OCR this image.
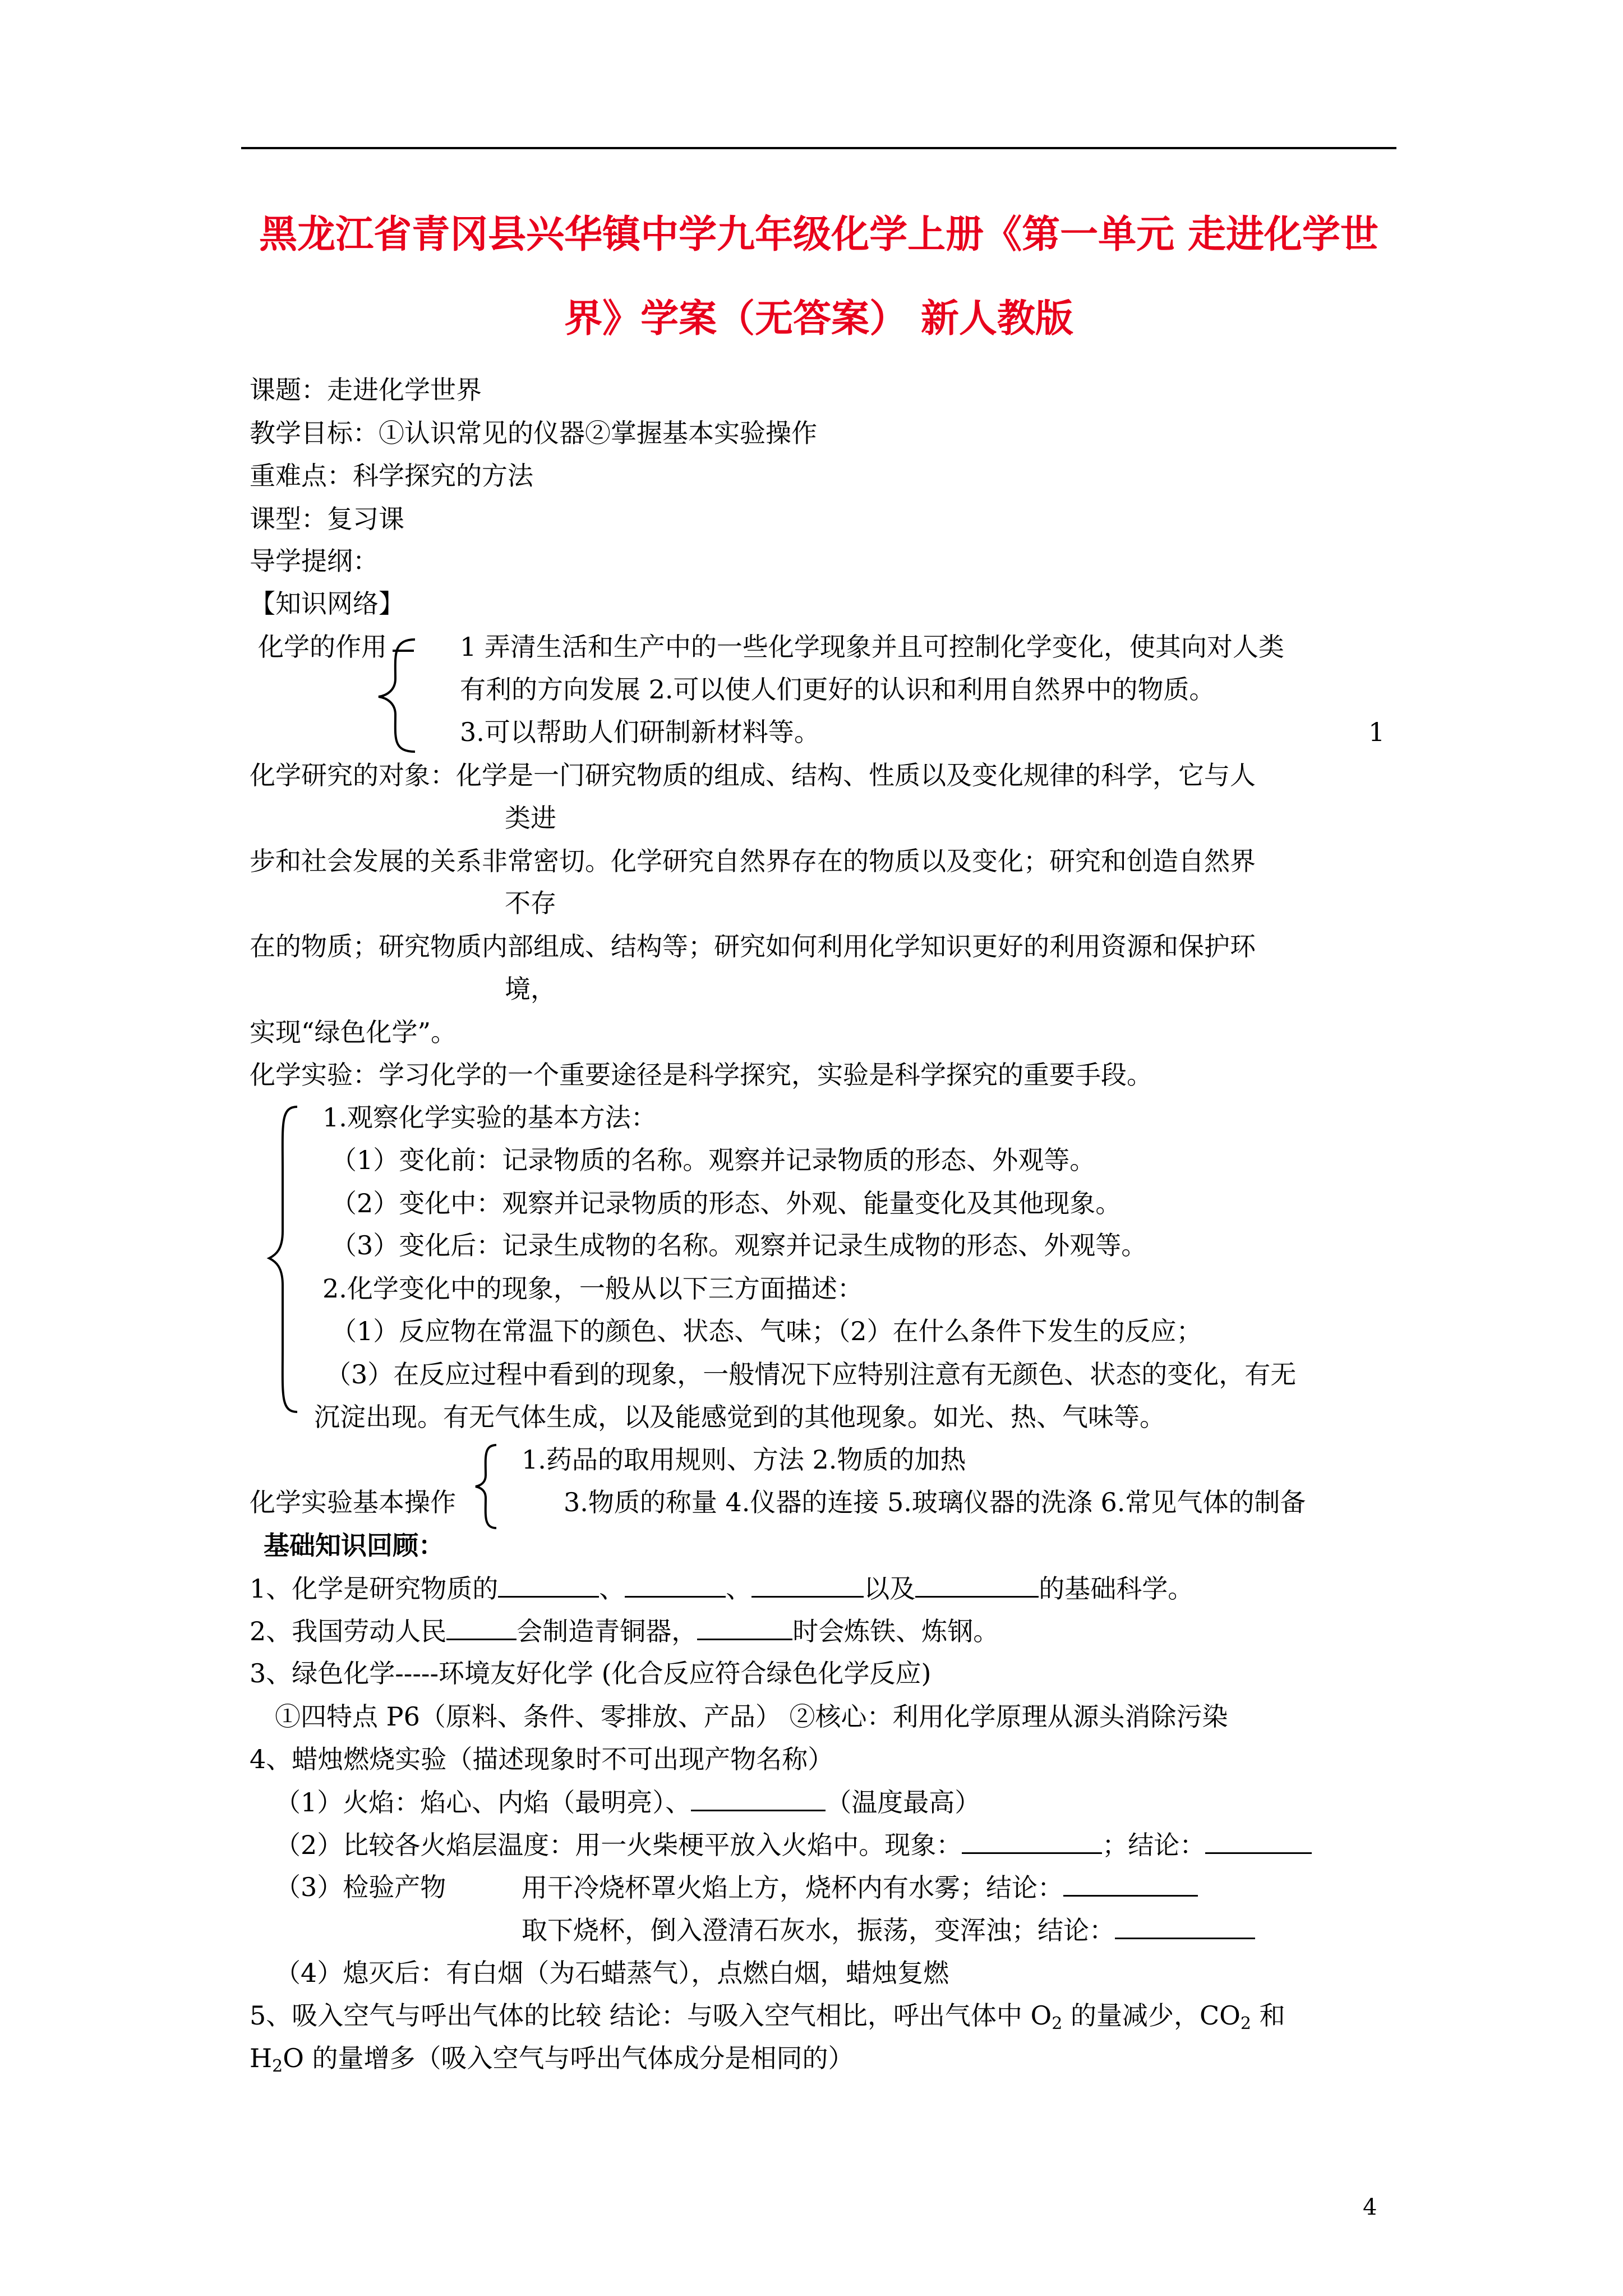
黑龙江省青冈县兴华镇中学九年级化学上册《第一单元 走进化学世
界》学案（无答案） 新人教版
课题：走进化学世界
教学目标：①认识常见的仪器②掌握基本实验操作
重难点：科学探究的方法
课型：复习课
导学提纲：
【知识网络】
化学的作用	1 弄清生活和生产中的一些化学现象并且可控制化学变化，使其向对人类
有利的方向发展 2.可以使人们更好的认识和利用自然界中的物质。
3.可以帮助人们研制新材料等。	1
化学研究的对象：化学是一门研究物质的组成、结构、性质以及变化规律的科学，它与人
类进
步和社会发展的关系非常密切。化学研究自然界存在的物质以及变化；研究和创造自然界
不存
在的物质；研究物质内部组成、结构等；研究如何利用化学知识更好的利用资源和保护环
境，
实现“绿色化学”。
化学实验：学习化学的一个重要途径是科学探究，实验是科学探究的重要手段。
1.观察化学实验的基本方法：
（1）变化前：记录物质的名称。观察并记录物质的形态、外观等。
（2）变化中：观察并记录物质的形态、外观、能量变化及其他现象。
（3）变化后：记录生成物的名称。观察并记录生成物的形态、外观等。
2.化学变化中的现象，一般从以下三方面描述：
（1）反应物在常温下的颜色、状态、气味；（2）在什么条件下发生的反应；
（3）在反应过程中看到的现象，一般情况下应特别注意有无颜色、状态的变化，有无
沉淀出现。有无气体生成，以及能感觉到的其他现象。如光、热、气味等。
1.药品的取用规则、方法 2.物质的加热
化学实验基本操作	3.物质的称量 4.仪器的连接 5.玻璃仪器的洗涤 6.常见气体的制备
基础知识回顾：
1、化学是研究物质的	、	、	以及	的基础科学。
2、我国劳动人民	会制造青铜器，	时会炼铁、炼钢。
3、绿色化学-----环境友好化学 (化合反应符合绿色化学反应)
①四特点 P6（原料、条件、零排放、产品） ②核心：利用化学原理从源头消除污染
4、蜡烛燃烧实验（描述现象时不可出现产物名称）
（1）火焰：焰心、内焰（最明亮）、	（温度最高）
（2）比较各火焰层温度：用一火柴梗平放入火焰中。现象：	；结论：
（3）检验产物	用干冷烧杯罩火焰上方，烧杯内有水雾；结论：
取下烧杯，倒入澄清石灰水，振荡，变浑浊；结论：
（4）熄灭后：有白烟（为石蜡蒸气），点燃白烟，蜡烛复燃
5、吸入空气与呼出气体的比较 结论：与吸入空气相比，呼出气体中 $O_2$ 的量减少，$CO_2$ 和
$H_2O$ 的量增多（吸入空气与呼出气体成分是相同的）
4
